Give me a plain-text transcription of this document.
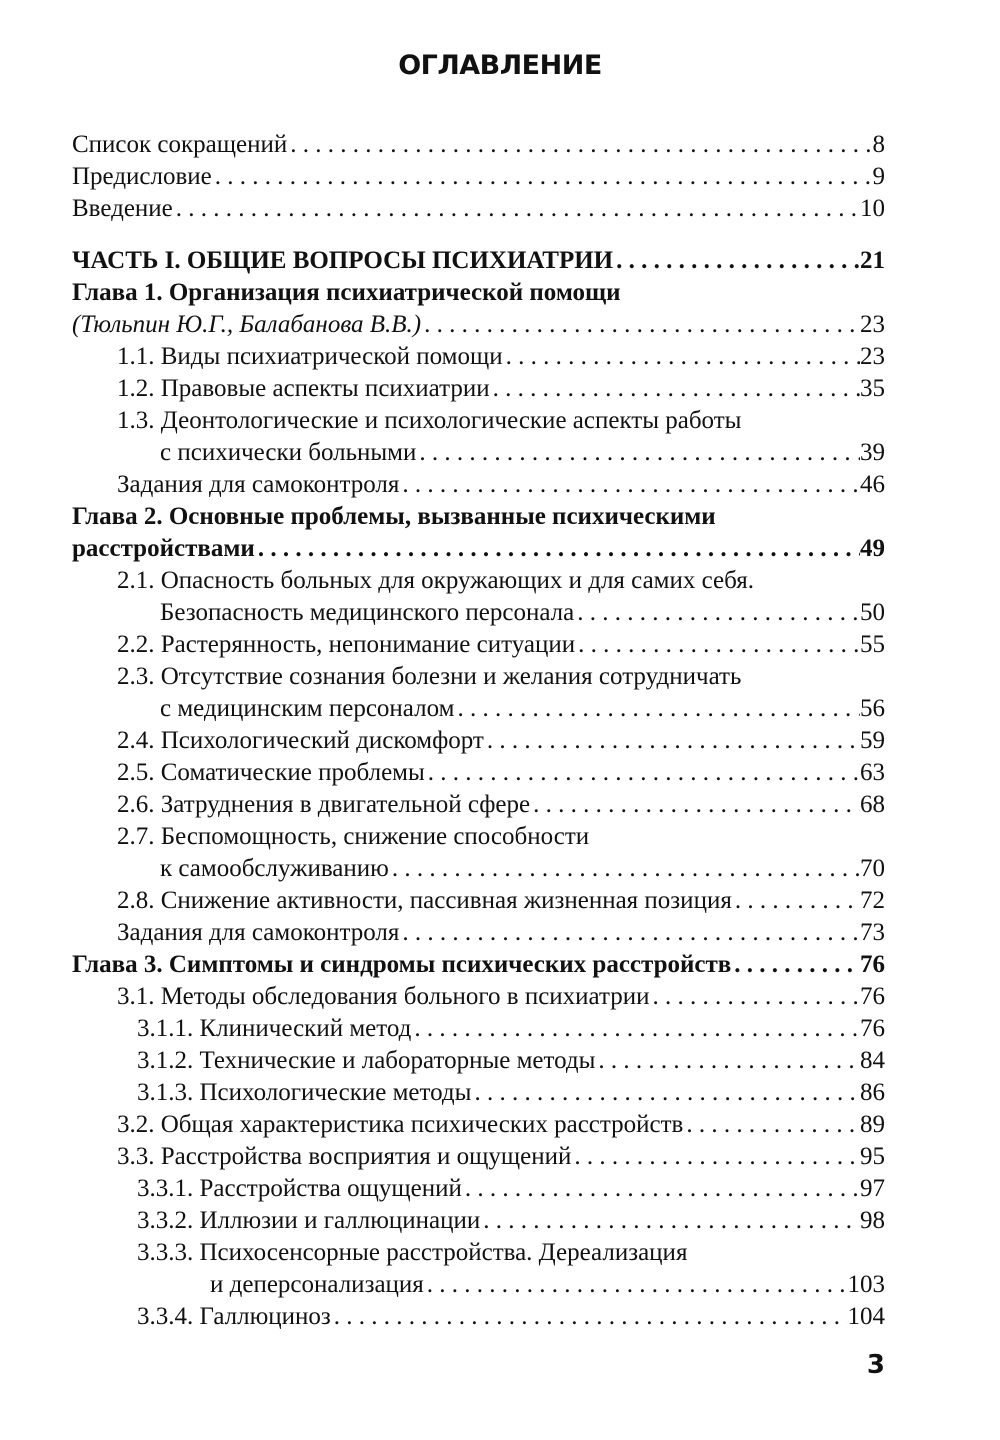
ОГЛАВЛЕНИЕ
Список сокращений . . .	8
Предисловие . . .	9
Введение . . .	10
ЧАСТЬ I. ОБЩИЕ ВОПРОСЫ ПСИХИАТРИИ . . .	21
Глава 1. Организация психиатрической помощи
(Тюльпин Ю.Г., Балабанова В.В.) . . .	23
1.1. Виды психиатрической помощи . . .	23
1.2. Правовые аспекты психиатрии . . .	35
1.3. Деонтологические и психологические аспекты работы
с психически больными . . .	39
Задания для самоконтроля . . .	46
Глава 2. Основные проблемы, вызванные психическими
расстройствами . . .	49
2.1. Опасность больных для окружающих и для самих себя.
Безопасность медицинского персонала . . .	50
2.2. Растерянность, непонимание ситуации . . .	55
2.3. Отсутствие сознания болезни и желания сотрудничать
с медицинским персоналом . . .	56
2.4. Психологический дискомфорт . . .	59
2.5. Соматические проблемы . . .	63
2.6. Затруднения в двигательной сфере . . .	68
2.7. Беспомощность, снижение способности
к самообслуживанию . . .	70
2.8. Снижение активности, пассивная жизненная позиция . . .	72
Задания для самоконтроля . . .	73
Глава 3. Симптомы и синдромы психических расстройств . . .	76
3.1. Методы обследования больного в психиатрии . . .	76
3.1.1. Клинический метод . . .	76
3.1.2. Технические и лабораторные методы . . .	84
3.1.3. Психологические методы . . .	86
3.2. Общая характеристика психических расстройств . . .	89
3.3. Расстройства восприятия и ощущений . . .	95
3.3.1. Расстройства ощущений . . .	97
3.3.2. Иллюзии и галлюцинации . . .	98
3.3.3. Психосенсорные расстройства. Дереализация
и деперсонализация . . .	103
3.3.4. Галлюциноз . . .	104
3
